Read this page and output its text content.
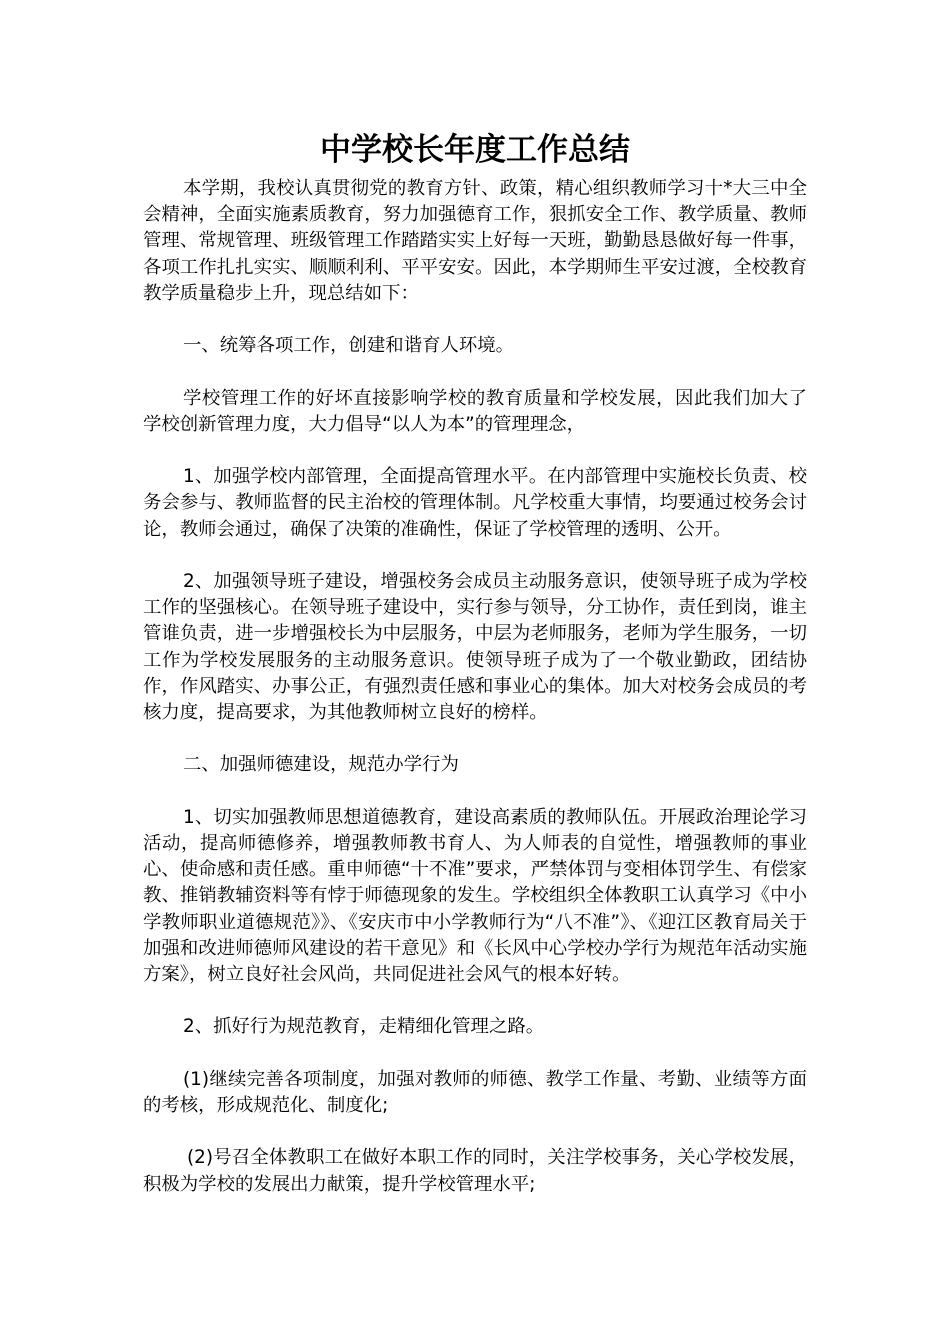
中学校长年度工作总结

本学期，我校认真贯彻党的教育方针、政策，精心组织教师学习十*大三中全会精神，全面实施素质教育，努力加强德育工作，狠抓安全工作、教学质量、教师管理、常规管理、班级管理工作踏踏实实上好每一天班，勤勤恳恳做好每一件事，各项工作扎扎实实、顺顺利利、平平安安。因此，本学期师生平安过渡，全校教育教学质量稳步上升，现总结如下：

一、统筹各项工作，创建和谐育人环境。

学校管理工作的好坏直接影响学校的教育质量和学校发展，因此我们加大了学校创新管理力度，大力倡导“以人为本”的管理理念，

1、加强学校内部管理，全面提高管理水平。在内部管理中实施校长负责、校务会参与、教师监督的民主治校的管理体制。凡学校重大事情，均要通过校务会讨论，教师会通过，确保了决策的准确性，保证了学校管理的透明、公开。

2、加强领导班子建设，增强校务会成员主动服务意识，使领导班子成为学校工作的坚强核心。在领导班子建设中，实行参与领导，分工协作，责任到岗，谁主管谁负责，进一步增强校长为中层服务，中层为老师服务，老师为学生服务，一切工作为学校发展服务的主动服务意识。使领导班子成为了一个敬业勤政，团结协作，作风踏实、办事公正，有强烈责任感和事业心的集体。加大对校务会成员的考核力度，提高要求，为其他教师树立良好的榜样。

二、加强师德建设，规范办学行为

1、切实加强教师思想道德教育，建设高素质的教师队伍。开展政治理论学习活动，提高师德修养，增强教师教书育人、为人师表的自觉性，增强教师的事业心、使命感和责任感。重申师德“十不准”要求，严禁体罚与变相体罚学生、有偿家教、推销教辅资料等有悖于师德现象的发生。学校组织全体教职工认真学习《中小学教师职业道德规范》》、《安庆市中小学教师行为“八不准”》、《迎江区教育局关于加强和改进师德师风建设的若干意见》和《长风中心学校办学行为规范年活动实施方案》，树立良好社会风尚，共同促进社会风气的根本好转。

2、抓好行为规范教育，走精细化管理之路。

(1)继续完善各项制度，加强对教师的师德、教学工作量、考勤、业绩等方面的考核，形成规范化、制度化;

(2)号召全体教职工在做好本职工作的同时，关注学校事务，关心学校发展，积极为学校的发展出力献策，提升学校管理水平;
